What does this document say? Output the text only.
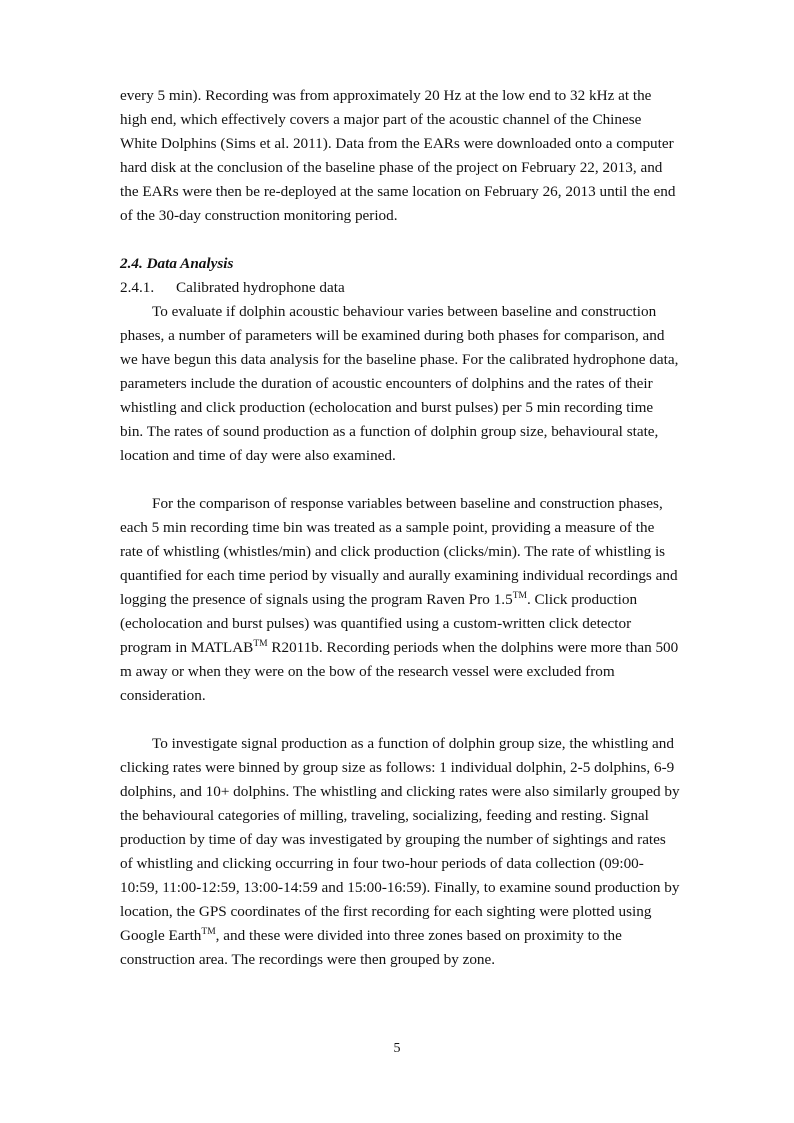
every 5 min). Recording was from approximately 20 Hz at the low end to 32 kHz at the high end, which effectively covers a major part of the acoustic channel of the Chinese White Dolphins (Sims et al. 2011). Data from the EARs were downloaded onto a computer hard disk at the conclusion of the baseline phase of the project on February 22, 2013, and the EARs were then be re-deployed at the same location on February 26, 2013 until the end of the 30-day construction monitoring period.

2.4. Data Analysis

2.4.1. Calibrated hydrophone data

To evaluate if dolphin acoustic behaviour varies between baseline and construction phases, a number of parameters will be examined during both phases for comparison, and we have begun this data analysis for the baseline phase. For the calibrated hydrophone data, parameters include the duration of acoustic encounters of dolphins and the rates of their whistling and click production (echolocation and burst pulses) per 5 min recording time bin. The rates of sound production as a function of dolphin group size, behavioural state, location and time of day were also examined.

For the comparison of response variables between baseline and construction phases, each 5 min recording time bin was treated as a sample point, providing a measure of the rate of whistling (whistles/min) and click production (clicks/min). The rate of whistling is quantified for each time period by visually and aurally examining individual recordings and logging the presence of signals using the program Raven Pro 1.5™. Click production (echolocation and burst pulses) was quantified using a custom-written click detector program in MATLAB™ R2011b. Recording periods when the dolphins were more than 500 m away or when they were on the bow of the research vessel were excluded from consideration.

To investigate signal production as a function of dolphin group size, the whistling and clicking rates were binned by group size as follows: 1 individual dolphin, 2-5 dolphins, 6-9 dolphins, and 10+ dolphins. The whistling and clicking rates were also similarly grouped by the behavioural categories of milling, traveling, socializing, feeding and resting. Signal production by time of day was investigated by grouping the number of sightings and rates of whistling and clicking occurring in four two-hour periods of data collection (09:00-10:59, 11:00-12:59, 13:00-14:59 and 15:00-16:59). Finally, to examine sound production by location, the GPS coordinates of the first recording for each sighting were plotted using Google Earth™, and these were divided into three zones based on proximity to the construction area. The recordings were then grouped by zone.

5
